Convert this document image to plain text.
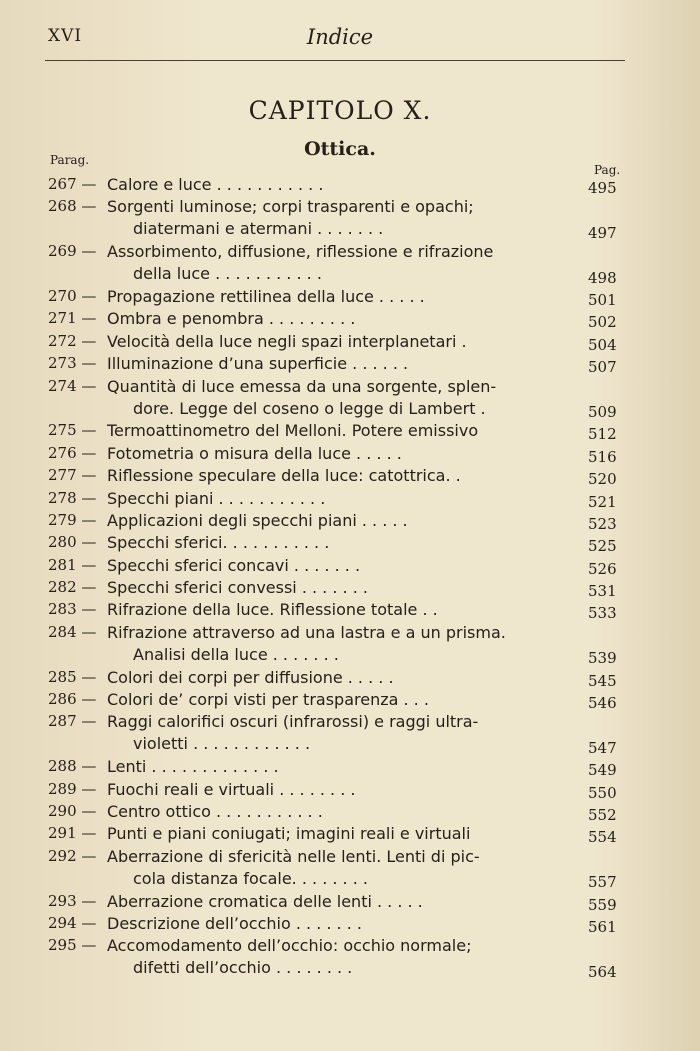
XVI	Indice
CAPITOLO X.
Ottica.
Parag.
Pag.
267 — Calore e luce . . . . . . . . . . .	495
268 — Sorgenti luminose; corpi trasparenti e opachi;
diatermani e atermani . . . . . . .	497
269 — Assorbimento, diffusione, riflessione e rifrazione
della luce . . . . . . . . . . .	498
270 — Propagazione rettilinea della luce . . . . .	501
271 — Ombra e penombra . . . . . . . . .	502
272 — Velocità della luce negli spazi interplanetari .	504
273 — Illuminazione d’una superficie . . . . . .	507
274 — Quantità di luce emessa da una sorgente, splen-
dore. Legge del coseno o legge di Lambert .	509
275 — Termoattinometro del Melloni. Potere emissivo	512
276 — Fotometria o misura della luce . . . . .	516
277 — Riflessione speculare della luce: catottrica. .	520
278 — Specchi piani . . . . . . . . . . .	521
279 — Applicazioni degli specchi piani . . . . .	523
280 — Specchi sferici. . . . . . . . . . .	525
281 — Specchi sferici concavi . . . . . . .	526
282 — Specchi sferici convessi . . . . . . .	531
283 — Rifrazione della luce. Riflessione totale . .	533
284 — Rifrazione attraverso ad una lastra e a un prisma.
Analisi della luce . . . . . . .	539
285 — Colori dei corpi per diffusione . . . . .	545
286 — Colori de’ corpi visti per trasparenza . . .	546
287 — Raggi calorifici oscuri (infrarossi) e raggi ultra-
violetti . . . . . . . . . . . .	547
288 — Lenti . . . . . . . . . . . . .	549
289 — Fuochi reali e virtuali . . . . . . . .	550
290 — Centro ottico . . . . . . . . . . .	552
291 — Punti e piani coniugati; imagini reali e virtuali	554
292 — Aberrazione di sfericità nelle lenti. Lenti di pic-
cola distanza focale. . . . . . . .	557
293 — Aberrazione cromatica delle lenti . . . . .	559
294 — Descrizione dell’occhio . . . . . . .	561
295 — Accomodamento dell’occhio: occhio normale;
difetti dell’occhio . . . . . . . .	564
